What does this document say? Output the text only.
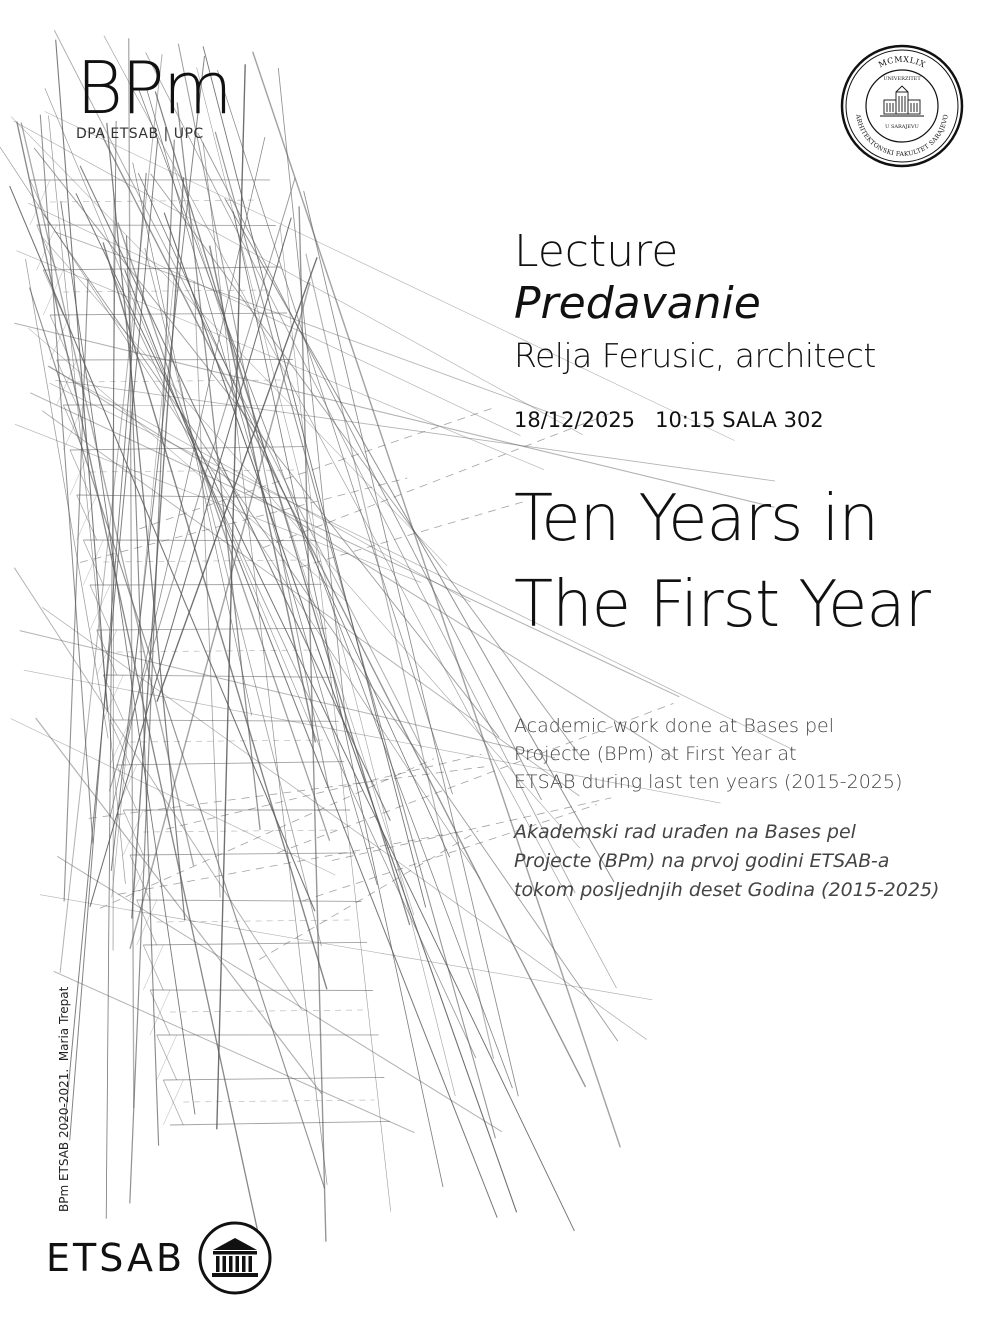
BPm
DPA ETSAB | UPC
MCMXLIX
ARHITEKTONSKI FAKULTET SARAJEVO
UNIVERZITET
U SARAJEVU
Lecture
Predavanie
Relja Ferusic, architect
18/12/2025 10:15 SALA 302
Ten Years in
The First Year
Academic work done at Bases pel
Projecte (BPm) at First Year at
ETSAB during last ten years (2015-2025)
Akademski rad urađen na Bases pel
Projecte (BPm) na prvoj godini ETSAB-a
tokom posljednjih deset Godina (2015-2025)
BPm ETSAB 2020-2021.  Maria Trepat
ETSAB
